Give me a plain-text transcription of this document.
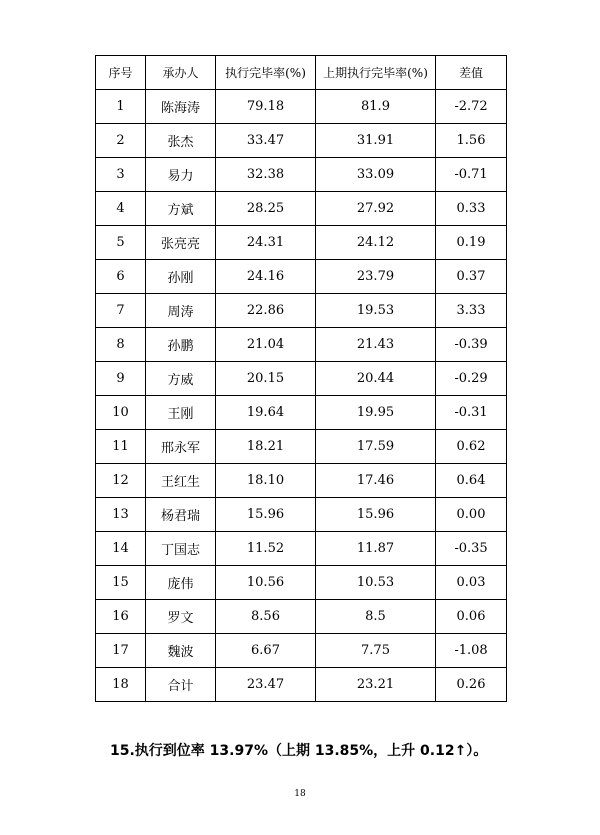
序号	承办人	执行完毕率(%)	上期执行完毕率(%)	差值
1	陈海涛	79.18	81.9	-2.72
2	张杰	33.47	31.91	1.56
3	易力	32.38	33.09	-0.71
4	方斌	28.25	27.92	0.33
5	张亮亮	24.31	24.12	0.19
6	孙刚	24.16	23.79	0.37
7	周涛	22.86	19.53	3.33
8	孙鹏	21.04	21.43	-0.39
9	方威	20.15	20.44	-0.29
10	王刚	19.64	19.95	-0.31
11	邢永军	18.21	17.59	0.62
12	王红生	18.10	17.46	0.64
13	杨君瑞	15.96	15.96	0.00
14	丁国志	11.52	11.87	-0.35
15	庞伟	10.56	10.53	0.03
16	罗文	8.56	8.5	0.06
17	魏波	6.67	7.75	-1.08
18	合计	23.47	23.21	0.26
15.执行到位率 13.97%（上期 13.85%，上升 0.12↑）。
18
